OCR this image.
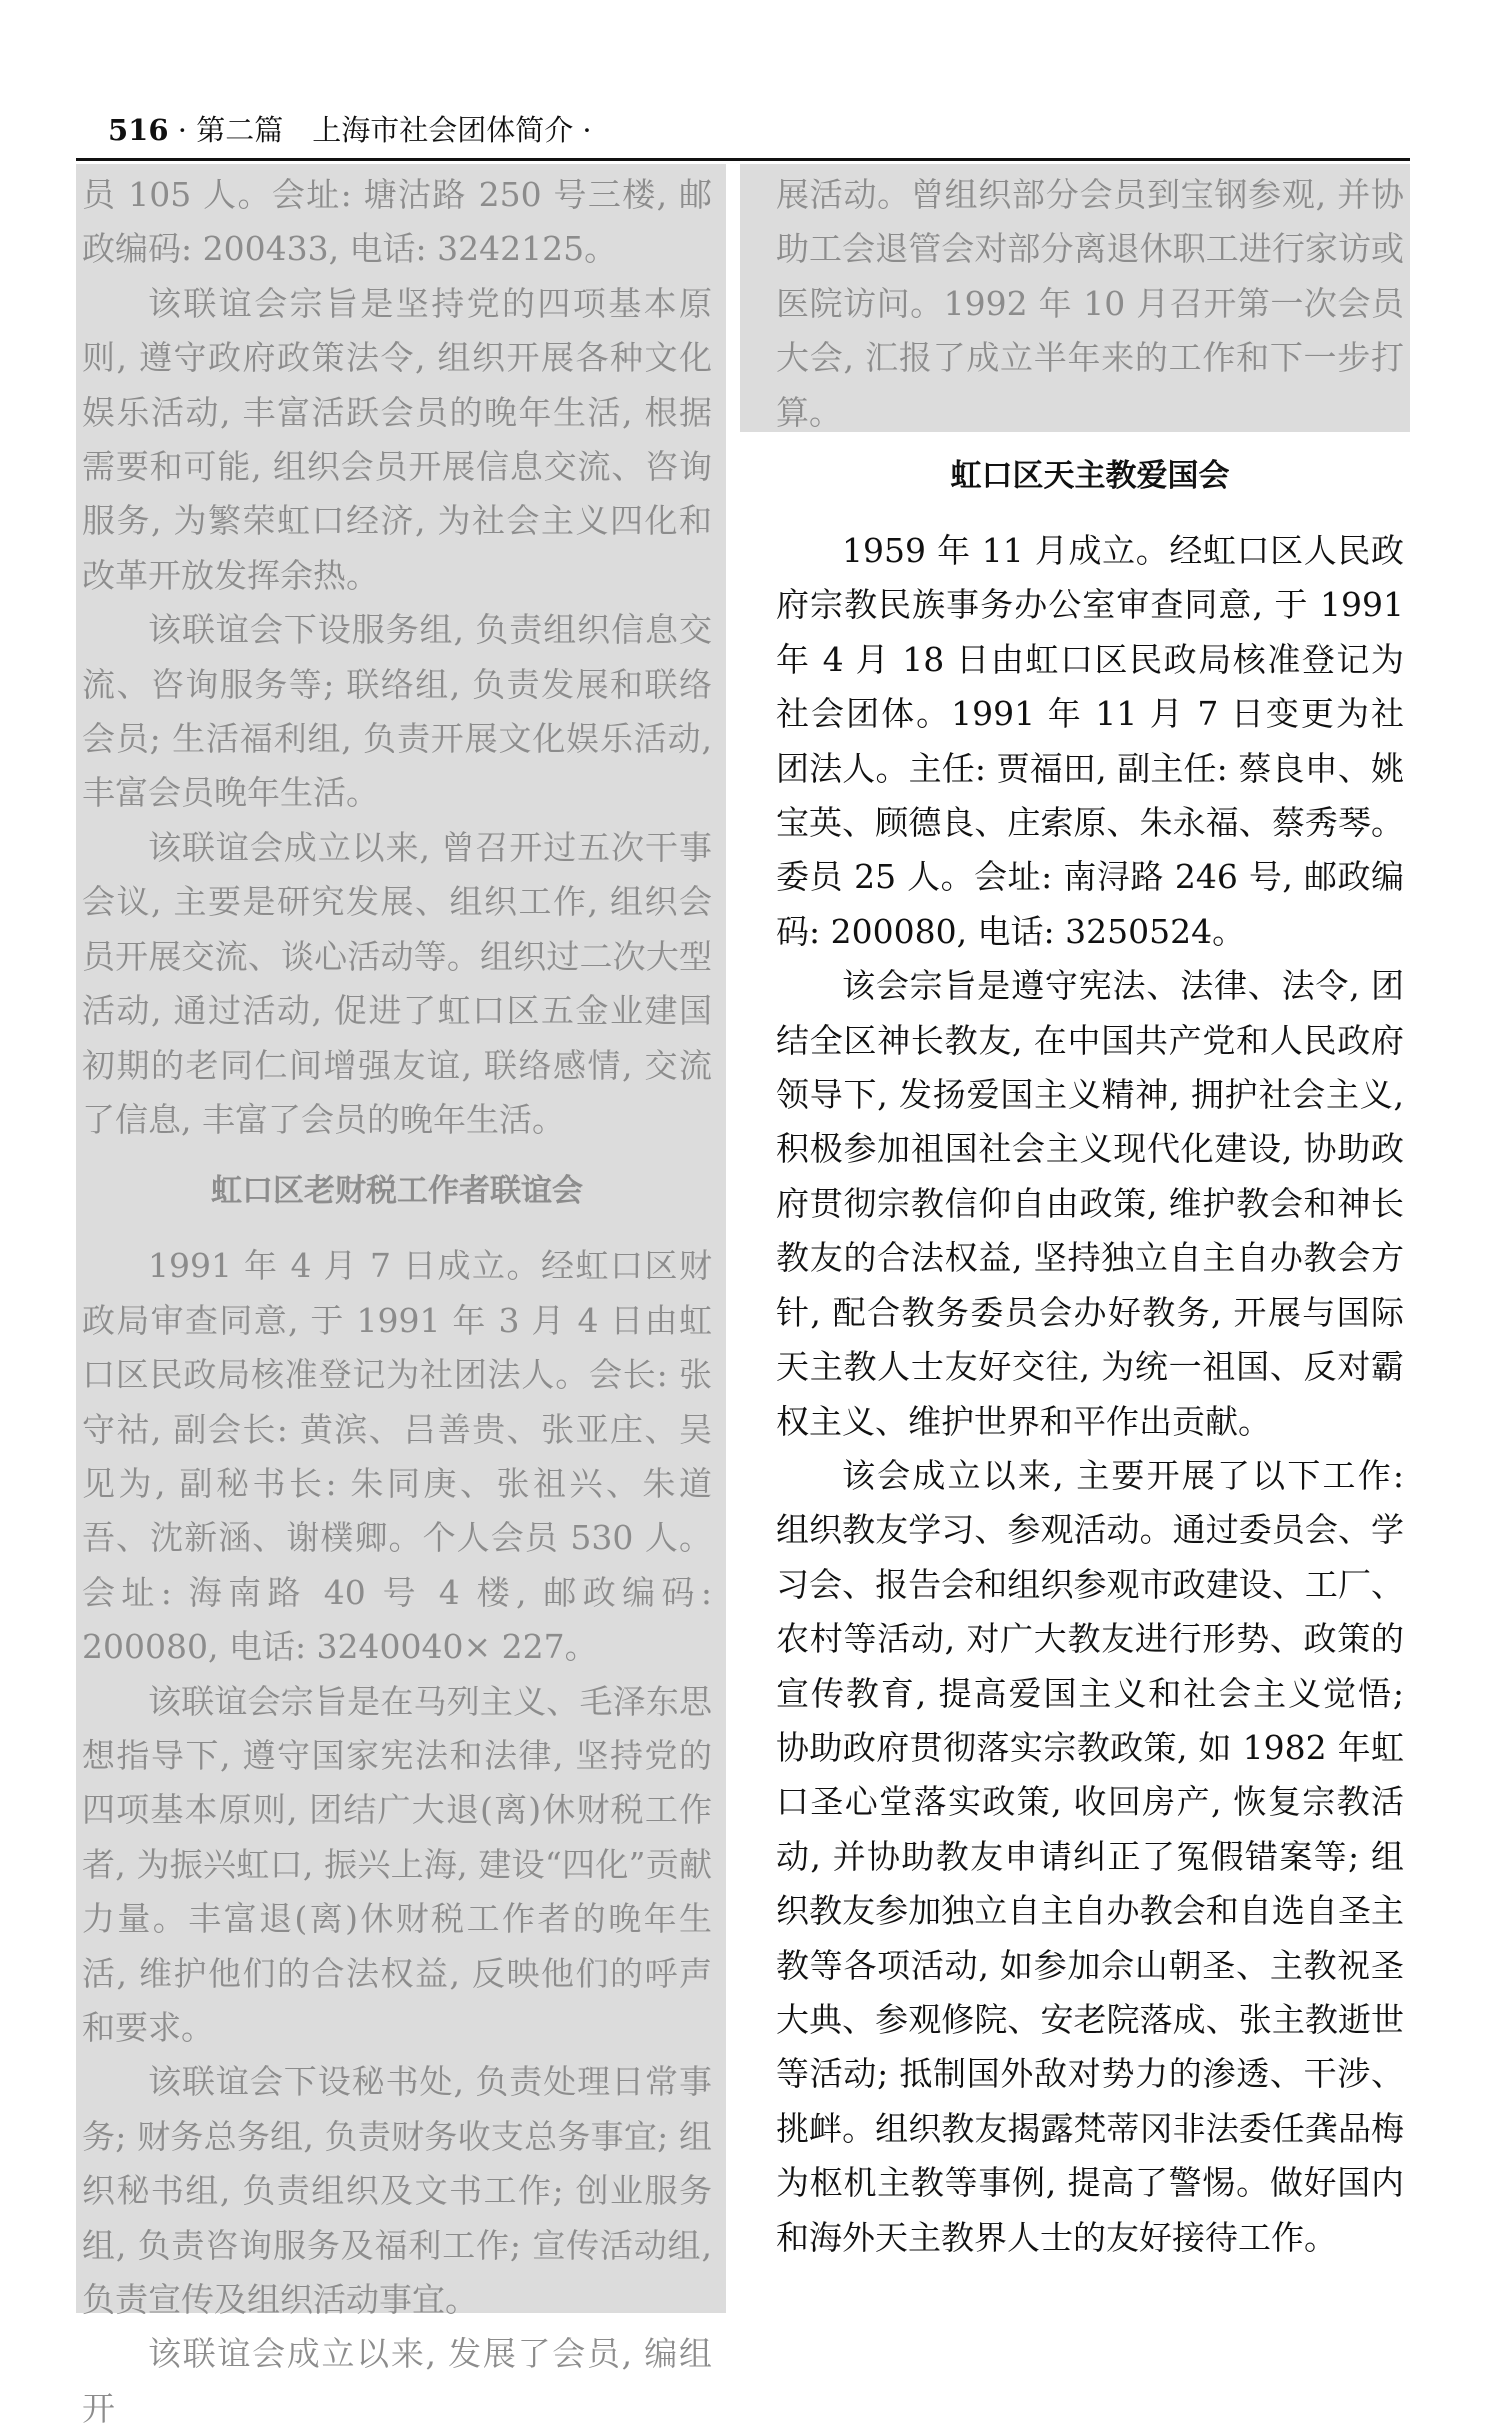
516 · 第二篇　上海市社会团体简介 ·

员 105 人。会址: 塘沽路 250 号三楼, 邮政编码: 200433, 电话: 3242125。

该联谊会宗旨是坚持党的四项基本原则, 遵守政府政策法令, 组织开展各种文化娱乐活动, 丰富活跃会员的晚年生活, 根据需要和可能, 组织会员开展信息交流、咨询服务, 为繁荣虹口经济, 为社会主义四化和改革开放发挥余热。

该联谊会下设服务组, 负责组织信息交流、咨询服务等; 联络组, 负责发展和联络会员; 生活福利组, 负责开展文化娱乐活动, 丰富会员晚年生活。

该联谊会成立以来, 曾召开过五次干事会议, 主要是研究发展、组织工作, 组织会员开展交流、谈心活动等。组织过二次大型活动, 通过活动, 促进了虹口区五金业建国初期的老同仁间增强友谊, 联络感情, 交流了信息, 丰富了会员的晚年生活。

虹口区老财税工作者联谊会

1991 年 4 月 7 日成立。经虹口区财政局审查同意, 于 1991 年 3 月 4 日由虹口区民政局核准登记为社团法人。会长: 张守祜, 副会长: 黄滨、吕善贵、张亚庄、吴见为, 副秘书长: 朱同庚、张祖兴、朱道吾、沈新涵、谢樸卿。个人会员 530 人。会址: 海南路 40 号 4 楼, 邮政编码: 200080, 电话: 3240040× 227。

该联谊会宗旨是在马列主义、毛泽东思想指导下, 遵守国家宪法和法律, 坚持党的四项基本原则, 团结广大退(离)休财税工作者, 为振兴虹口, 振兴上海, 建设“四化”贡献力量。丰富退(离)休财税工作者的晚年生活, 维护他们的合法权益, 反映他们的呼声和要求。

该联谊会下设秘书处, 负责处理日常事务; 财务总务组, 负责财务收支总务事宜; 组织秘书组, 负责组织及文书工作; 创业服务组, 负责咨询服务及福利工作; 宣传活动组, 负责宣传及组织活动事宜。

该联谊会成立以来, 发展了会员, 编组开

展活动。曾组织部分会员到宝钢参观, 并协助工会退管会对部分离退休职工进行家访或医院访问。1992 年 10 月召开第一次会员大会, 汇报了成立半年来的工作和下一步打算。

虹口区天主教爱国会

1959 年 11 月成立。经虹口区人民政府宗教民族事务办公室审查同意, 于 1991 年 4 月 18 日由虹口区民政局核准登记为社会团体。1991 年 11 月 7 日变更为社团法人。主任: 贾福田, 副主任: 蔡良申、姚宝英、顾德良、庄索原、朱永福、蔡秀琴。委员 25 人。会址: 南浔路 246 号, 邮政编码: 200080, 电话: 3250524。

该会宗旨是遵守宪法、法律、法令, 团结全区神长教友, 在中国共产党和人民政府领导下, 发扬爱国主义精神, 拥护社会主义, 积极参加祖国社会主义现代化建设, 协助政府贯彻宗教信仰自由政策, 维护教会和神长教友的合法权益, 坚持独立自主自办教会方针, 配合教务委员会办好教务, 开展与国际天主教人士友好交往, 为统一祖国、反对霸权主义、维护世界和平作出贡献。

该会成立以来, 主要开展了以下工作: 组织教友学习、参观活动。通过委员会、学习会、报告会和组织参观市政建设、工厂、农村等活动, 对广大教友进行形势、政策的宣传教育, 提高爱国主义和社会主义觉悟; 协助政府贯彻落实宗教政策, 如 1982 年虹口圣心堂落实政策, 收回房产, 恢复宗教活动, 并协助教友申请纠正了冤假错案等; 组织教友参加独立自主自办教会和自选自圣主教等各项活动, 如参加佘山朝圣、主教祝圣大典、参观修院、安老院落成、张主教逝世等活动; 抵制国外敌对势力的渗透、干涉、挑衅。组织教友揭露梵蒂冈非法委任龚品梅为枢机主教等事例, 提高了警惕。做好国内和海外天主教界人士的友好接待工作。
